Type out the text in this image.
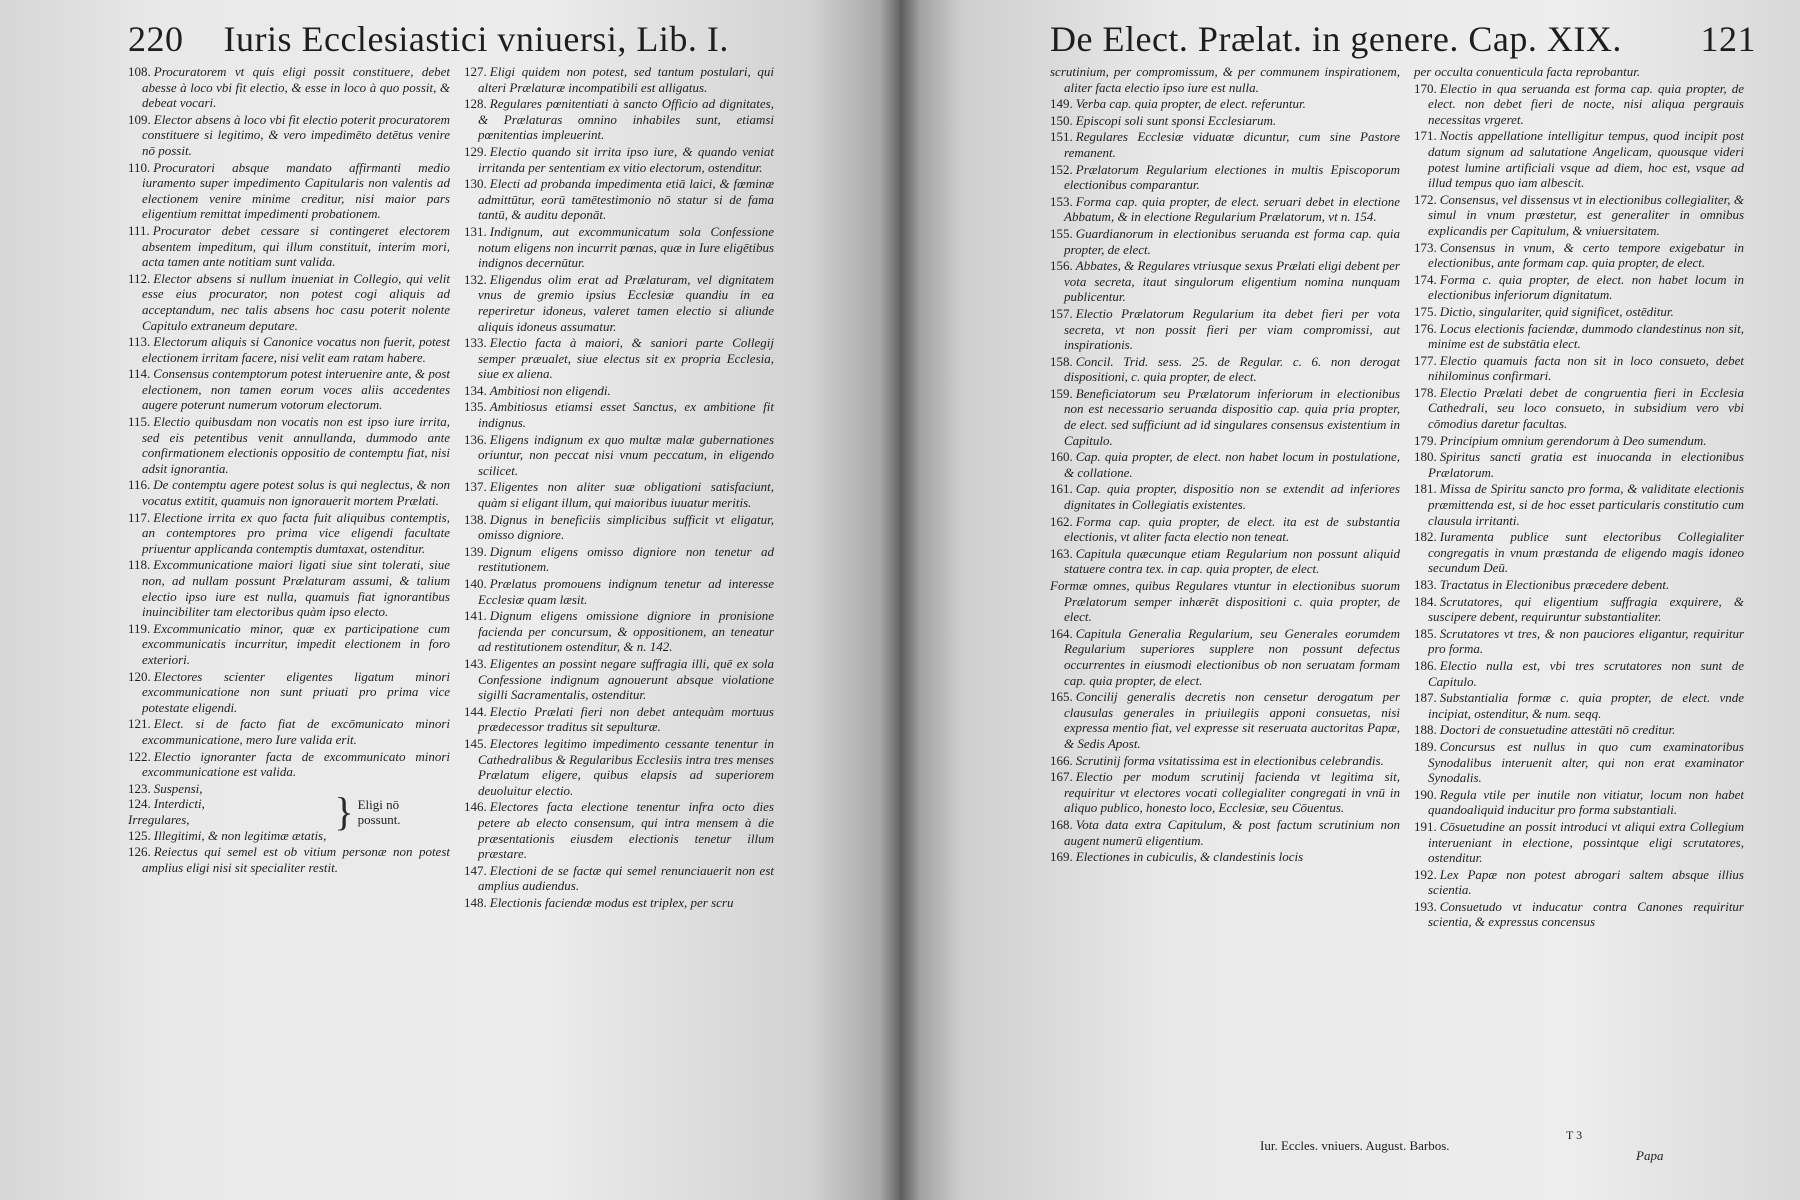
220 Iuris Ecclesiastici vniuersi, Lib. I.

108. Procuratorem vt quis eligi possit constituere, debet abesse à loco vbi fit electio, & esse in loco à quo possit, & debeat vocari.

109. Elector absens à loco vbi fit electio poterit procuratorem constituere si legitimo, & vero impedimēto detētus venire nō possit.

110. Procuratori absque mandato affirmanti medio iuramento super impedimento Capitularis non valentis ad electionem venire minime creditur, nisi maior pars eligentium remittat impedimenti probationem.

111. Procurator debet cessare si contingeret electorem absentem impeditum, qui illum constituit, interim mori, acta tamen ante notitiam sunt valida.

112. Elector absens si nullum inueniat in Collegio, qui velit esse eius procurator, non potest cogi aliquis ad acceptandum, nec talis absens hoc casu poterit nolente Capitulo extraneum deputare.

113. Electorum aliquis si Canonice vocatus non fuerit, potest electionem irritam facere, nisi velit eam ratam habere.

114. Consensus contemptorum potest interuenire ante, & post electionem, non tamen eorum voces aliis accedentes augere poterunt numerum votorum electorum.

115. Electio quibusdam non vocatis non est ipso iure irrita, sed eis petentibus venit annullanda, dummodo ante confirmationem electionis oppositio de contemptu fiat, nisi adsit ignorantia.

116. De contemptu agere potest solus is qui neglectus, & non vocatus extitit, quamuis non ignorauerit mortem Prælati.

117. Electione irrita ex quo facta fuit aliquibus contemptis, an contemptores pro prima vice eligendi facultate priuentur applicanda contemptis dumtaxat, ostenditur.

118. Excommunicatione maiori ligati siue sint tolerati, siue non, ad nullam possunt Prælaturam assumi, & talium electio ipso iure est nulla, quamuis fiat ignorantibus inuincibiliter tam electoribus quàm ipso electo.

119. Excommunicatio minor, quæ ex participatione cum excommunicatis incurritur, impedit electionem in foro exteriori.

120. Electores scienter eligentes ligatum minori excommunicatione non sunt priuati pro prima vice potestate eligendi.

121. Elect. si de facto fiat de excōmunicato minori excommunicatione, mero Iure valida erit.

122. Electio ignoranter facta de excommunicato minori excommunicatione est valida.

123. Suspensi,

124. Interdicti,

Irregulares,

125. Illegitimi, & non legitimæ ætatis,

} Eligi nō possunt.

126. Reiectus qui semel est ob vitium personæ non potest amplius eligi nisi sit specialiter restit.

127. Eligi quidem non potest, sed tantum postulari, qui alteri Prælaturæ incompatibili est alligatus.

128. Regulares pœnitentiati à sancto Officio ad dignitates, & Prælaturas omnino inhabiles sunt, etiamsi pœnitentias impleuerint.

129. Electio quando sit irrita ipso iure, & quando veniat irritanda per sententiam ex vitio electorum, ostenditur.

130. Electi ad probanda impedimenta etiā laici, & fœminæ admittūtur, eorū tamētestimonio nō statur si de fama tantū, & auditu deponāt.

131. Indignum, aut excommunicatum sola Confessione notum eligens non incurrit pœnas, quæ in Iure eligētibus indignos decernūtur.

132. Eligendus olim erat ad Prælaturam, vel dignitatem vnus de gremio ipsius Ecclesiæ quandiu in ea reperiretur idoneus, valeret tamen electio si aliunde aliquis idoneus assumatur.

133. Electio facta à maiori, & saniori parte Collegij semper præualet, siue electus sit ex propria Ecclesia, siue ex aliena.

134. Ambitiosi non eligendi.

135. Ambitiosus etiamsi esset Sanctus, ex ambitione fit indignus.

136. Eligens indignum ex quo multæ malæ gubernationes oriuntur, non peccat nisi vnum peccatum, in eligendo scilicet.

137. Eligentes non aliter suæ obligationi satisfaciunt, quàm si eligant illum, qui maioribus iuuatur meritis.

138. Dignus in beneficiis simplicibus sufficit vt eligatur, omisso digniore.

139. Dignum eligens omisso digniore non tenetur ad restitutionem.

140. Prælatus promouens indignum tenetur ad interesse Ecclesiæ quam læsit.

141. Dignum eligens omissione digniore in pronisione facienda per concursum, & oppositionem, an teneatur ad restitutionem ostenditur, & n. 142.

143. Eligentes an possint negare suffragia illi, quē ex sola Confessione indignum agnouerunt absque violatione sigilli Sacramentalis, ostenditur.

144. Electio Prælati fieri non debet antequàm mortuus prædecessor traditus sit sepulturæ.

145. Electores legitimo impedimento cessante tenentur in Cathedralibus & Regularibus Ecclesiis intra tres menses Prælatum eligere, quibus elapsis ad superiorem deuoluitur electio.

146. Electores facta electione tenentur infra octo dies petere ab electo consensum, qui intra mensem à die præsentationis eiusdem electionis tenetur illum præstare.

147. Electioni de se factæ qui semel renunciauerit non est amplius audiendus.

148. Electionis faciendæ modus est triplex, per scru

De Elect. Prælat. in genere. Cap. XIX. 121

scrutinium, per compromissum, & per communem inspirationem, aliter facta electio ipso iure est nulla.

149. Verba cap. quia propter, de elect. referuntur.

150. Episcopi soli sunt sponsi Ecclesiarum.

151. Regulares Ecclesiæ viduatæ dicuntur, cum sine Pastore remanent.

152. Prælatorum Regularium electiones in multis Episcoporum electionibus comparantur.

153. Forma cap. quia propter, de elect. seruari debet in electione Abbatum, & in electione Regularium Prælatorum, vt n. 154.

155. Guardianorum in electionibus seruanda est forma cap. quia propter, de elect.

156. Abbates, & Regulares vtriusque sexus Prælati eligi debent per vota secreta, itaut singulorum eligentium nomina nunquam publicentur.

157. Electio Prælatorum Regularium ita debet fieri per vota secreta, vt non possit fieri per viam compromissi, aut inspirationis.

158. Concil. Trid. sess. 25. de Regular. c. 6. non derogat dispositioni, c. quia propter, de elect.

159. Beneficiatorum seu Prælatorum inferiorum in electionibus non est necessario seruanda dispositio cap. quia pria propter, de elect. sed sufficiunt ad id singulares consensus existentium in Capitulo.

160. Cap. quia propter, de elect. non habet locum in postulatione, & collatione.

161. Cap. quia propter, dispositio non se extendit ad inferiores dignitates in Collegiatis existentes.

162. Forma cap. quia propter, de elect. ita est de substantia electionis, vt aliter facta electio non teneat.

163. Capitula quæcunque etiam Regularium non possunt aliquid statuere contra tex. in cap. quia propter, de elect.

Formæ omnes, quibus Regulares vtuntur in electionibus suorum Prælatorum semper inhærēt dispositioni c. quia propter, de elect.

164. Capitula Generalia Regularium, seu Generales eorumdem Regularium superiores supplere non possunt defectus occurrentes in eiusmodi electionibus ob non seruatam formam cap. quia propter, de elect.

165. Concilij generalis decretis non censetur derogatum per clausulas generales in priuilegiis apponi consuetas, nisi expressa mentio fiat, vel expresse sit reseruata auctoritas Papæ, & Sedis Apost.

166. Scrutinij forma vsitatissima est in electionibus celebrandis.

167. Electio per modum scrutinij facienda vt legitima sit, requiritur vt electores vocati collegialiter congregati in vnū in aliquo publico, honesto loco, Ecclesiæ, seu Cōuentus.

168. Vota data extra Capitulum, & post factum scrutinium non augent numerū eligentium.

169. Electiones in cubiculis, & clandestinis locis

per occulta conuenticula facta reprobantur.

170. Electio in qua seruanda est forma cap. quia propter, de elect. non debet fieri de nocte, nisi aliqua pergrauis necessitas vrgeret.

171. Noctis appellatione intelligitur tempus, quod incipit post datum signum ad salutatione Angelicam, quousque videri potest lumine artificiali vsque ad diem, hoc est, vsque ad illud tempus quo iam albescit.

172. Consensus, vel dissensus vt in electionibus collegialiter, & simul in vnum præstetur, est generaliter in omnibus explicandis per Capitulum, & vniuersitatem.

173. Consensus in vnum, & certo tempore exigebatur in electionibus, ante formam cap. quia propter, de elect.

174. Forma c. quia propter, de elect. non habet locum in electionibus inferiorum dignitatum.

175. Dictio, singulariter, quid significet, ostēditur.

176. Locus electionis faciendæ, dummodo clandestinus non sit, minime est de substātia elect.

177. Electio quamuis facta non sit in loco consueto, debet nihilominus confirmari.

178. Electio Prælati debet de congruentia fieri in Ecclesia Cathedrali, seu loco consueto, in subsidium vero vbi cōmodius daretur facultas.

179. Principium omnium gerendorum à Deo sumendum.

180. Spiritus sancti gratia est inuocanda in electionibus Prælatorum.

181. Missa de Spiritu sancto pro forma, & validitate electionis præmittenda est, si de hoc esset particularis constitutio cum clausula irritanti.

182. Iuramenta publice sunt electoribus Collegialiter congregatis in vnum præstanda de eligendo magis idoneo secundum Deū.

183. Tractatus in Electionibus præcedere debent.

184. Scrutatores, qui eligentium suffragia exquirere, & suscipere debent, requiruntur substantialiter.

185. Scrutatores vt tres, & non pauciores eligantur, requiritur pro forma.

186. Electio nulla est, vbi tres scrutatores non sunt de Capitulo.

187. Substantialia formæ c. quia propter, de elect. vnde incipiat, ostenditur, & num. seqq.

188. Doctori de consuetudine attestāti nō creditur.

189. Concursus est nullus in quo cum examinatoribus Synodalibus interuenit alter, qui non erat examinator Synodalis.

190. Regula vtile per inutile non vitiatur, locum non habet quandoaliquid inducitur pro forma substantiali.

191. Cōsuetudine an possit introduci vt aliqui extra Collegium interueniant in electione, possintque eligi scrutatores, ostenditur.

192. Lex Papæ non potest abrogari saltem absque illius scientia.

193. Consuetudo vt inducatur contra Canones requiritur scientia, & expressus concensus

Iur. Eccles. vniuers. August. Barbos.
T 3
Papa
